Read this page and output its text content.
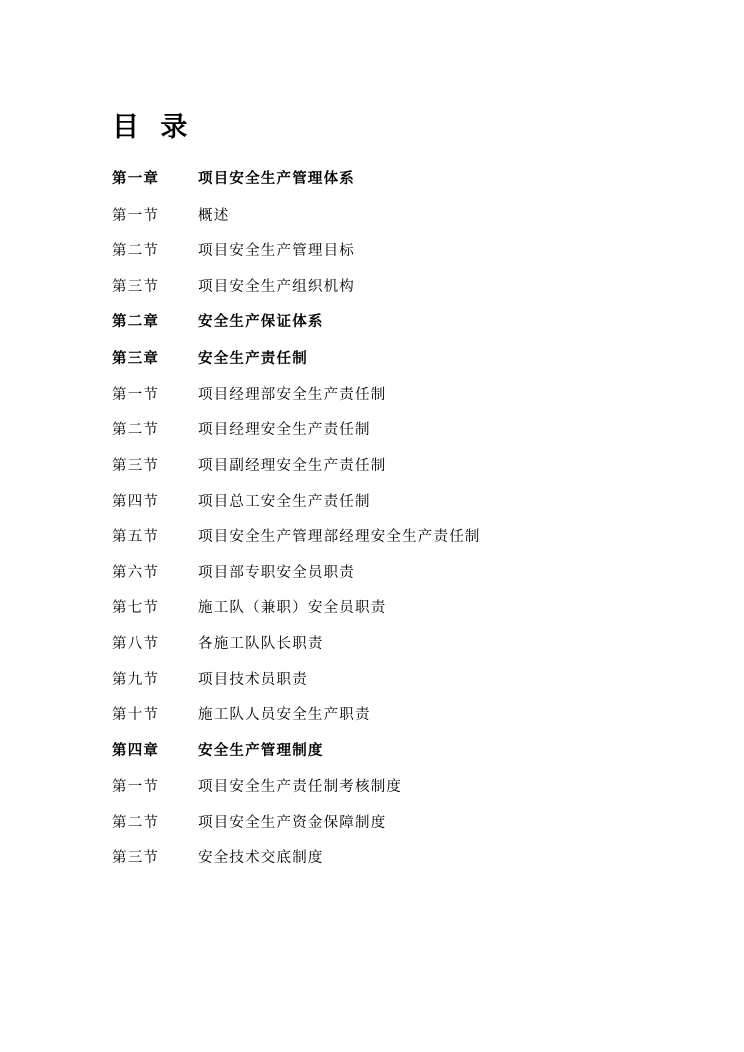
目 录
第一章	项目安全生产管理体系
第一节	概述
第二节	项目安全生产管理目标
第三节	项目安全生产组织机构
第二章	安全生产保证体系
第三章	安全生产责任制
第一节	项目经理部安全生产责任制
第二节	项目经理安全生产责任制
第三节	项目副经理安全生产责任制
第四节	项目总工安全生产责任制
第五节	项目安全生产管理部经理安全生产责任制
第六节	项目部专职安全员职责
第七节	施工队（兼职）安全员职责
第八节	各施工队队长职责
第九节	项目技术员职责
第十节	施工队人员安全生产职责
第四章	安全生产管理制度
第一节	项目安全生产责任制考核制度
第二节	项目安全生产资金保障制度
第三节	安全技术交底制度
